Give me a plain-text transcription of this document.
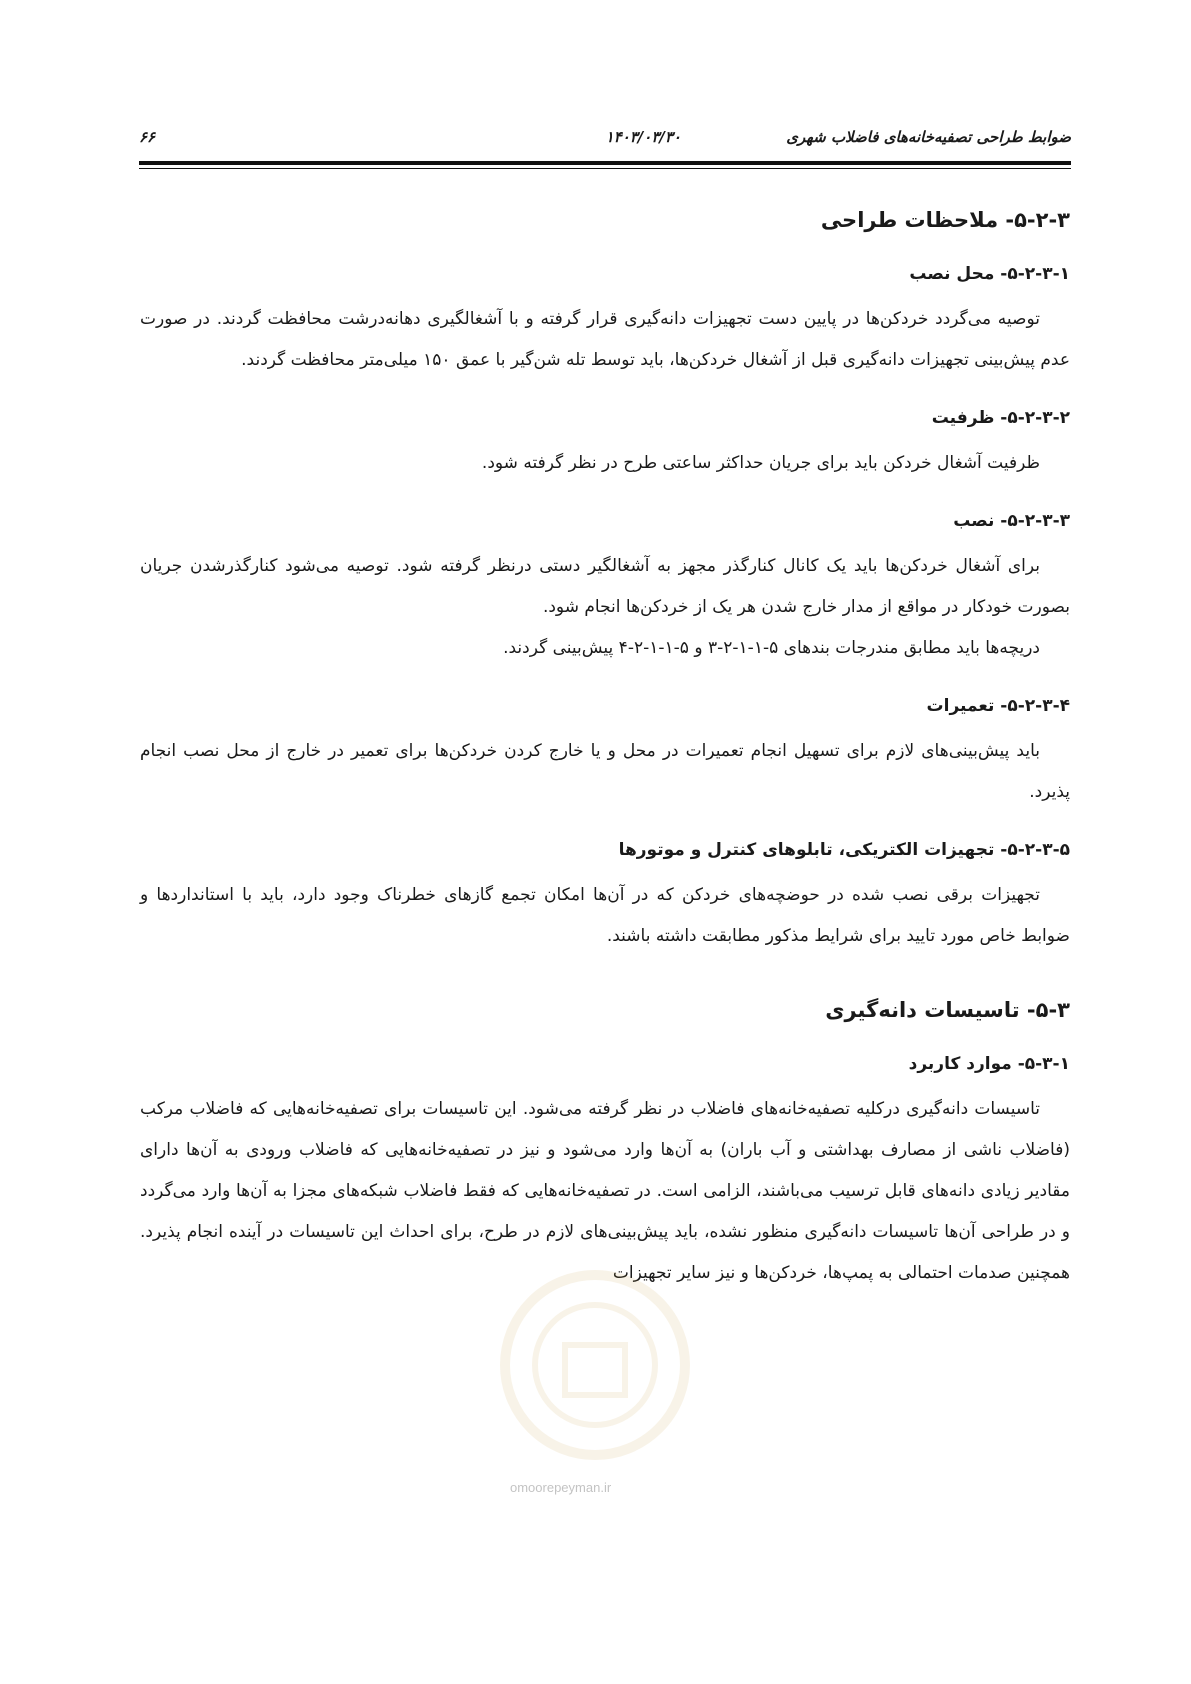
ضوابط طراحی تصفیه‌خانه‌های فاضلاب شهری
۱۴۰۳/۰۳/۳۰
۶۶
۵-۲-۳- ملاحظات طراحی
۵-۲-۳-۱- محل نصب

توصیه می‌گردد خردکن‌ها در پایین دست تجهیزات دانه‌گیری قرار گرفته و با آشغالگیری دهانه‌درشت محافظت گردند. در صورت عدم پیش‌بینی تجهیزات دانه‌گیری قبل از آشغال خردکن‌ها، باید توسط تله شن‌گیر با عمق ۱۵۰ میلی‌متر محافظت گردند.

۵-۲-۳-۲- ظرفیت

ظرفیت آشغال خردکن باید برای جریان حداکثر ساعتی طرح در نظر گرفته شود.

۵-۲-۳-۳- نصب

برای آشغال خردکن‌ها باید یک کانال کنارگذر مجهز به آشغالگیر دستی درنظر گرفته شود. توصیه می‌شود کنارگذرشدن جریان بصورت خودکار در مواقع از مدار خارج شدن هر یک از خردکن‌ها انجام شود.

دریچه‌ها باید مطابق مندرجات بندهای ۵-۱-۱-۲-۳ و ۵-۱-۱-۲-۴ پیش‌بینی گردند.

۵-۲-۳-۴- تعمیرات

باید پیش‌بینی‌های لازم برای تسهیل انجام تعمیرات در محل و یا خارج کردن خردکن‌ها برای تعمیر در خارج از محل نصب انجام پذیرد.

۵-۲-۳-۵- تجهیزات الکتریکی، تابلوهای کنترل و موتورها

تجهیزات برقی نصب شده در حوضچه‌های خردکن که در آن‌ها امکان تجمع گازهای خطرناک وجود دارد، باید با استانداردها و ضوابط خاص مورد تایید برای شرایط مذکور مطابقت داشته باشند.

۵-۳- تاسیسات دانه‌گیری
۵-۳-۱- موارد کاربرد

تاسیسات دانه‌گیری درکلیه تصفیه‌خانه‌های فاضلاب در نظر گرفته می‌شود. این تاسیسات برای تصفیه‌خانه‌هایی که فاضلاب مرکب (فاضلاب ناشی از مصارف بهداشتی و آب باران) به آن‌ها وارد می‌شود و نیز در تصفیه‌خانه‌هایی که فاضلاب ورودی به آن‌ها دارای مقادیر زیادی دانه‌های قابل ترسیب می‌باشند، الزامی است. در تصفیه‌خانه‌هایی که فقط فاضلاب شبکه‌های مجزا به آن‌ها وارد می‌گردد و در طراحی آن‌ها تاسیسات دانه‌گیری منظور نشده، باید پیش‌بینی‌های لازم در طرح، برای احداث این تاسیسات در آینده انجام پذیرد. همچنین صدمات احتمالی به پمپ‌ها، خردکن‌ها و نیز سایر تجهیزات

omoorepeyman.ir
